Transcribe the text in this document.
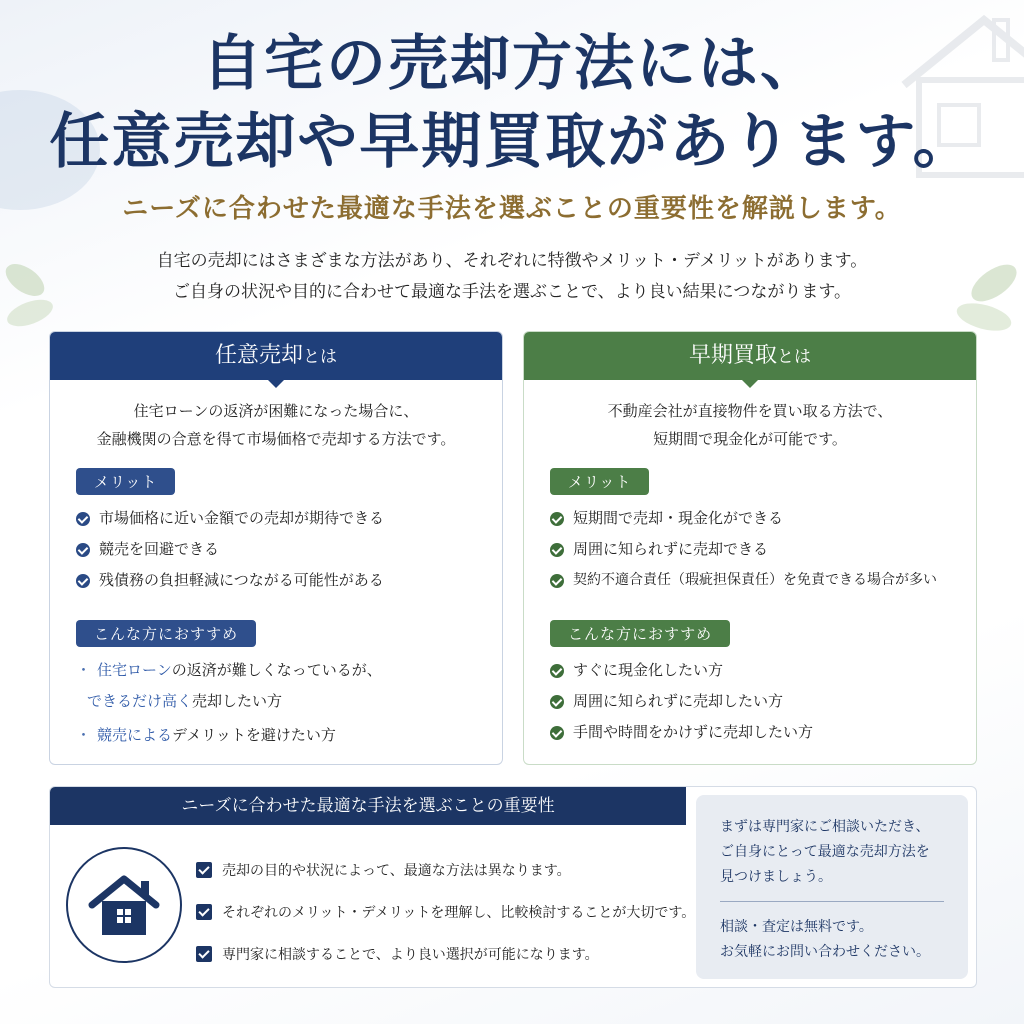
自宅の売却方法には、
任意売却や早期買取があります。
ニーズに合わせた最適な手法を選ぶことの重要性を解説します。
自宅の売却にはさまざまな方法があり、それぞれに特徴やメリット・デメリットがあります。
ご自身の状況や目的に合わせて最適な手法を選ぶことで、より良い結果につながります。
任意売却とは
住宅ローンの返済が困難になった場合に、
金融機関の合意を得て市場価格で売却する方法です。
メリット
市場価格に近い金額での売却が期待できる
競売を回避できる
残債務の負担軽減につながる可能性がある
こんな方におすすめ
・ 住宅ローンの返済が難しくなっているが、
できるだけ高く売却したい方
・ 競売によるデメリットを避けたい方
早期買取とは
不動産会社が直接物件を買い取る方法で、
短期間で現金化が可能です。
メリット
短期間で売却・現金化ができる
周囲に知られずに売却できる
契約不適合責任（瑕疵担保責任）を免責できる場合が多い
こんな方におすすめ
すぐに現金化したい方
周囲に知られずに売却したい方
手間や時間をかけずに売却したい方
ニーズに合わせた最適な手法を選ぶことの重要性
売却の目的や状況によって、最適な方法は異なります。
それぞれのメリット・デメリットを理解し、比較検討することが大切です。
専門家に相談することで、より良い選択が可能になります。

まずは専門家にご相談いただき、
ご自身にとって最適な売却方法を
見つけましょう。

相談・査定は無料です。
お気軽にお問い合わせください。
